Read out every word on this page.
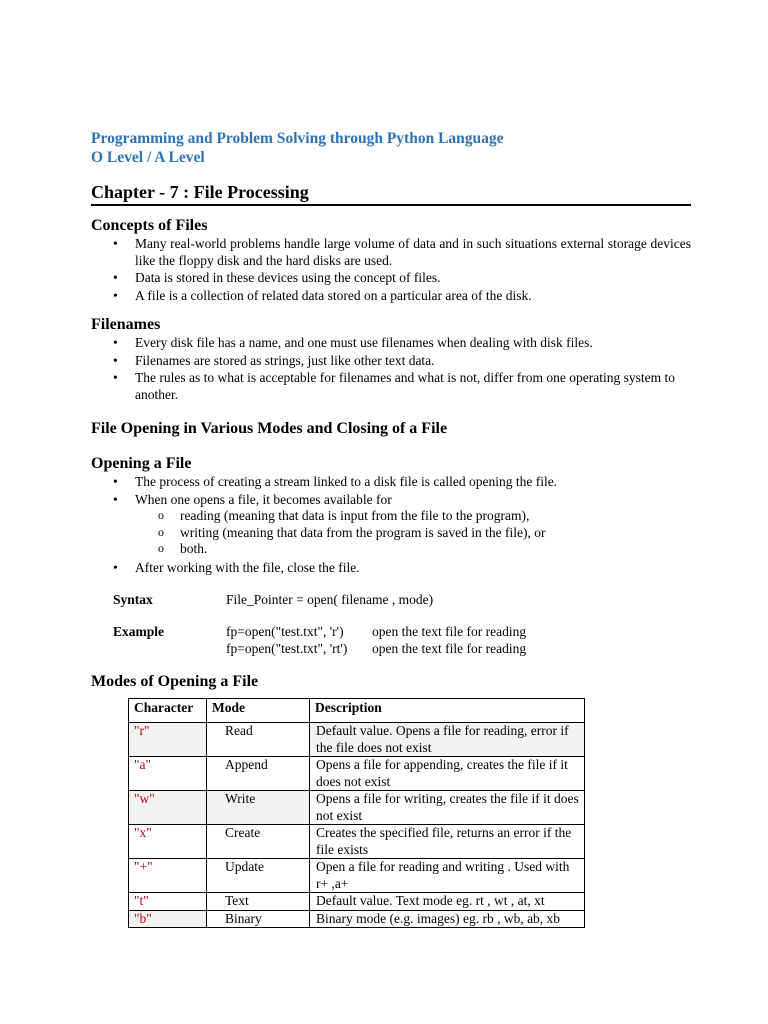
Programming and Problem Solving through Python Language
O Level / A Level
Chapter - 7 : File Processing
Concepts of Files
• Many real-world problems handle large volume of data and in such situations external storage devices like the floppy disk and the hard disks are used.
• Data is stored in these devices using the concept of files.
• A file is a collection of related data stored on a particular area of the disk.
Filenames
• Every disk file has a name, and one must use filenames when dealing with disk files.
• Filenames are stored as strings, just like other text data.
• The rules as to what is acceptable for filenames and what is not, differ from one operating system to another.
File Opening in Various Modes and Closing of a File
Opening a File
• The process of creating a stream linked to a disk file is called opening the file.
• When one opens a file, it becomes available for
o reading (meaning that data is input from the file to the program),
o writing (meaning that data from the program is saved in the file), or
o both.
• After working with the file, close the file.
Syntax	File_Pointer = open( filename , mode)
Example	fp=open("test.txt", 'r') open the text file for reading
fp=open("test.txt", 'rt') open the text file for reading
Modes of Opening a File
Character	Mode	Description
"r"	Read	Default value. Opens a file for reading, error if the file does not exist
"a"	Append	Opens a file for appending, creates the file if it does not exist
"w"	Write	Opens a file for writing, creates the file if it does not exist
"x"	Create	Creates the specified file, returns an error if the file exists
"+"	Update	Open a file for reading and writing . Used with r+ ,a+
"t"	Text	Default value. Text mode eg. rt , wt , at, xt
"b"	Binary	Binary mode (e.g. images) eg. rb , wb, ab, xb
